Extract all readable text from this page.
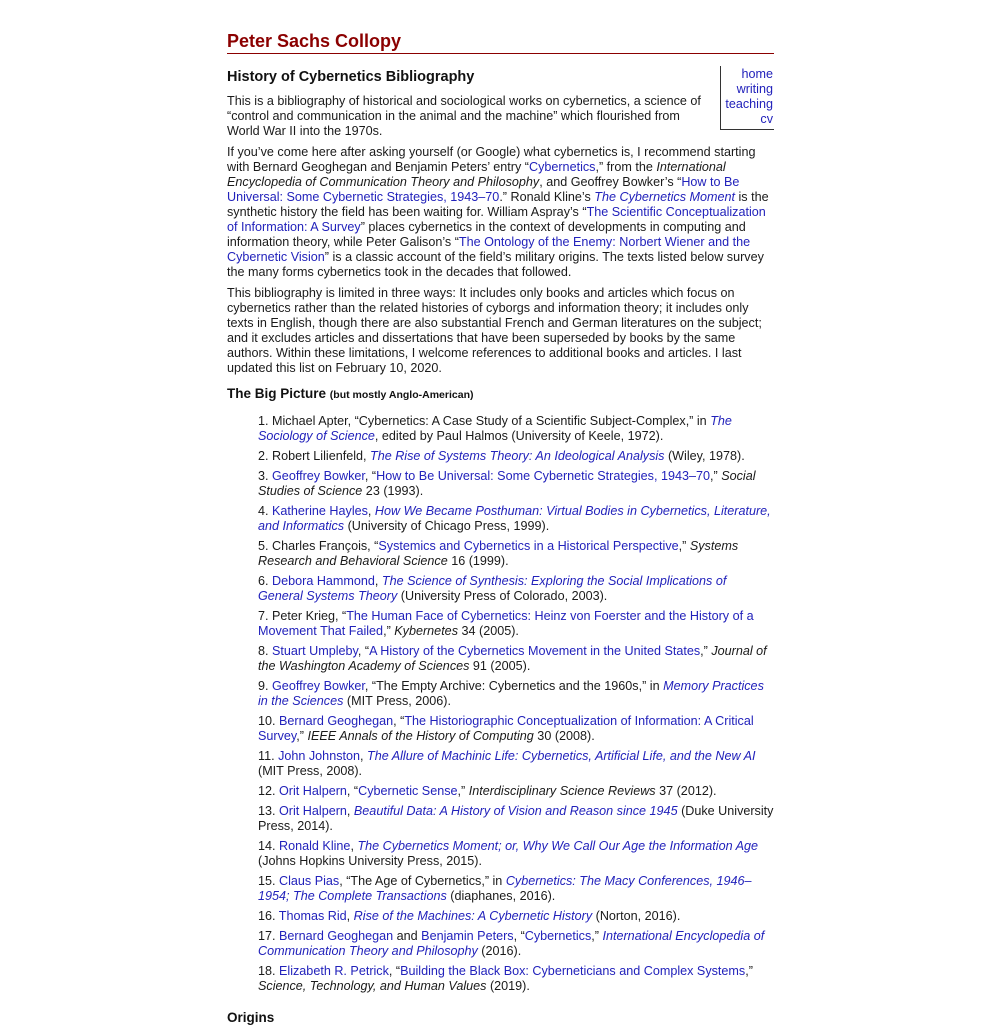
Peter Sachs Collopy
home
writing
teaching
cv
History of Cybernetics Bibliography

This is a bibliography of historical and sociological works on cybernetics, a science of “control and communication in the animal and the machine” which flourished from World War II into the 1970s.

If you’ve come here after asking yourself (or Google) what cybernetics is, I recommend starting with Bernard Geoghegan and Benjamin Peters’ entry “Cybernetics,” from the International Encyclopedia of Communication Theory and Philosophy, and Geoffrey Bowker’s “How to Be Universal: Some Cybernetic Strategies, 1943–70.” Ronald Kline’s The Cybernetics Moment is the synthetic history the field has been waiting for. William Aspray’s “The Scientific Conceptualization of Information: A Survey” places cybernetics in the context of developments in computing and information theory, while Peter Galison’s “The Ontology of the Enemy: Norbert Wiener and the Cybernetic Vision” is a classic account of the field’s military origins. The texts listed below survey the many forms cybernetics took in the decades that followed.

This bibliography is limited in three ways: It includes only books and articles which focus on cybernetics rather than the related histories of cyborgs and information theory; it includes only texts in English, though there are also substantial French and German literatures on the subject; and it excludes articles and dissertations that have been superseded by books by the same authors. Within these limitations, I welcome references to additional books and articles. I last updated this list on February 10, 2020.

The Big Picture (but mostly Anglo-American)
1. Michael Apter, “Cybernetics: A Case Study of a Scientific Subject-Complex,” in The Sociology of Science, edited by Paul Halmos (University of Keele, 1972).
2. Robert Lilienfeld, The Rise of Systems Theory: An Ideological Analysis (Wiley, 1978).
3. Geoffrey Bowker, “How to Be Universal: Some Cybernetic Strategies, 1943–70,” Social Studies of Science 23 (1993).
4. Katherine Hayles, How We Became Posthuman: Virtual Bodies in Cybernetics, Literature, and Informatics (University of Chicago Press, 1999).
5. Charles François, “Systemics and Cybernetics in a Historical Perspective,” Systems Research and Behavioral Science 16 (1999).
6. Debora Hammond, The Science of Synthesis: Exploring the Social Implications of General Systems Theory (University Press of Colorado, 2003).
7. Peter Krieg, “The Human Face of Cybernetics: Heinz von Foerster and the History of a Movement That Failed,” Kybernetes 34 (2005).
8. Stuart Umpleby, “A History of the Cybernetics Movement in the United States,” Journal of the Washington Academy of Sciences 91 (2005).
9. Geoffrey Bowker, “The Empty Archive: Cybernetics and the 1960s,” in Memory Practices in the Sciences (MIT Press, 2006).
10. Bernard Geoghegan, “The Historiographic Conceptualization of Information: A Critical Survey,” IEEE Annals of the History of Computing 30 (2008).
11. John Johnston, The Allure of Machinic Life: Cybernetics, Artificial Life, and the New AI (MIT Press, 2008).
12. Orit Halpern, “Cybernetic Sense,” Interdisciplinary Science Reviews 37 (2012).
13. Orit Halpern, Beautiful Data: A History of Vision and Reason since 1945 (Duke University Press, 2014).
14. Ronald Kline, The Cybernetics Moment; or, Why We Call Our Age the Information Age (Johns Hopkins University Press, 2015).
15. Claus Pias, “The Age of Cybernetics,” in Cybernetics: The Macy Conferences, 1946–1954; The Complete Transactions (diaphanes, 2016).
16. Thomas Rid, Rise of the Machines: A Cybernetic History (Norton, 2016).
17. Bernard Geoghegan and Benjamin Peters, “Cybernetics,” International Encyclopedia of Communication Theory and Philosophy (2016).
18. Elizabeth R. Petrick, “Building the Black Box: Cyberneticians and Complex Systems,” Science, Technology, and Human Values (2019).
Origins
